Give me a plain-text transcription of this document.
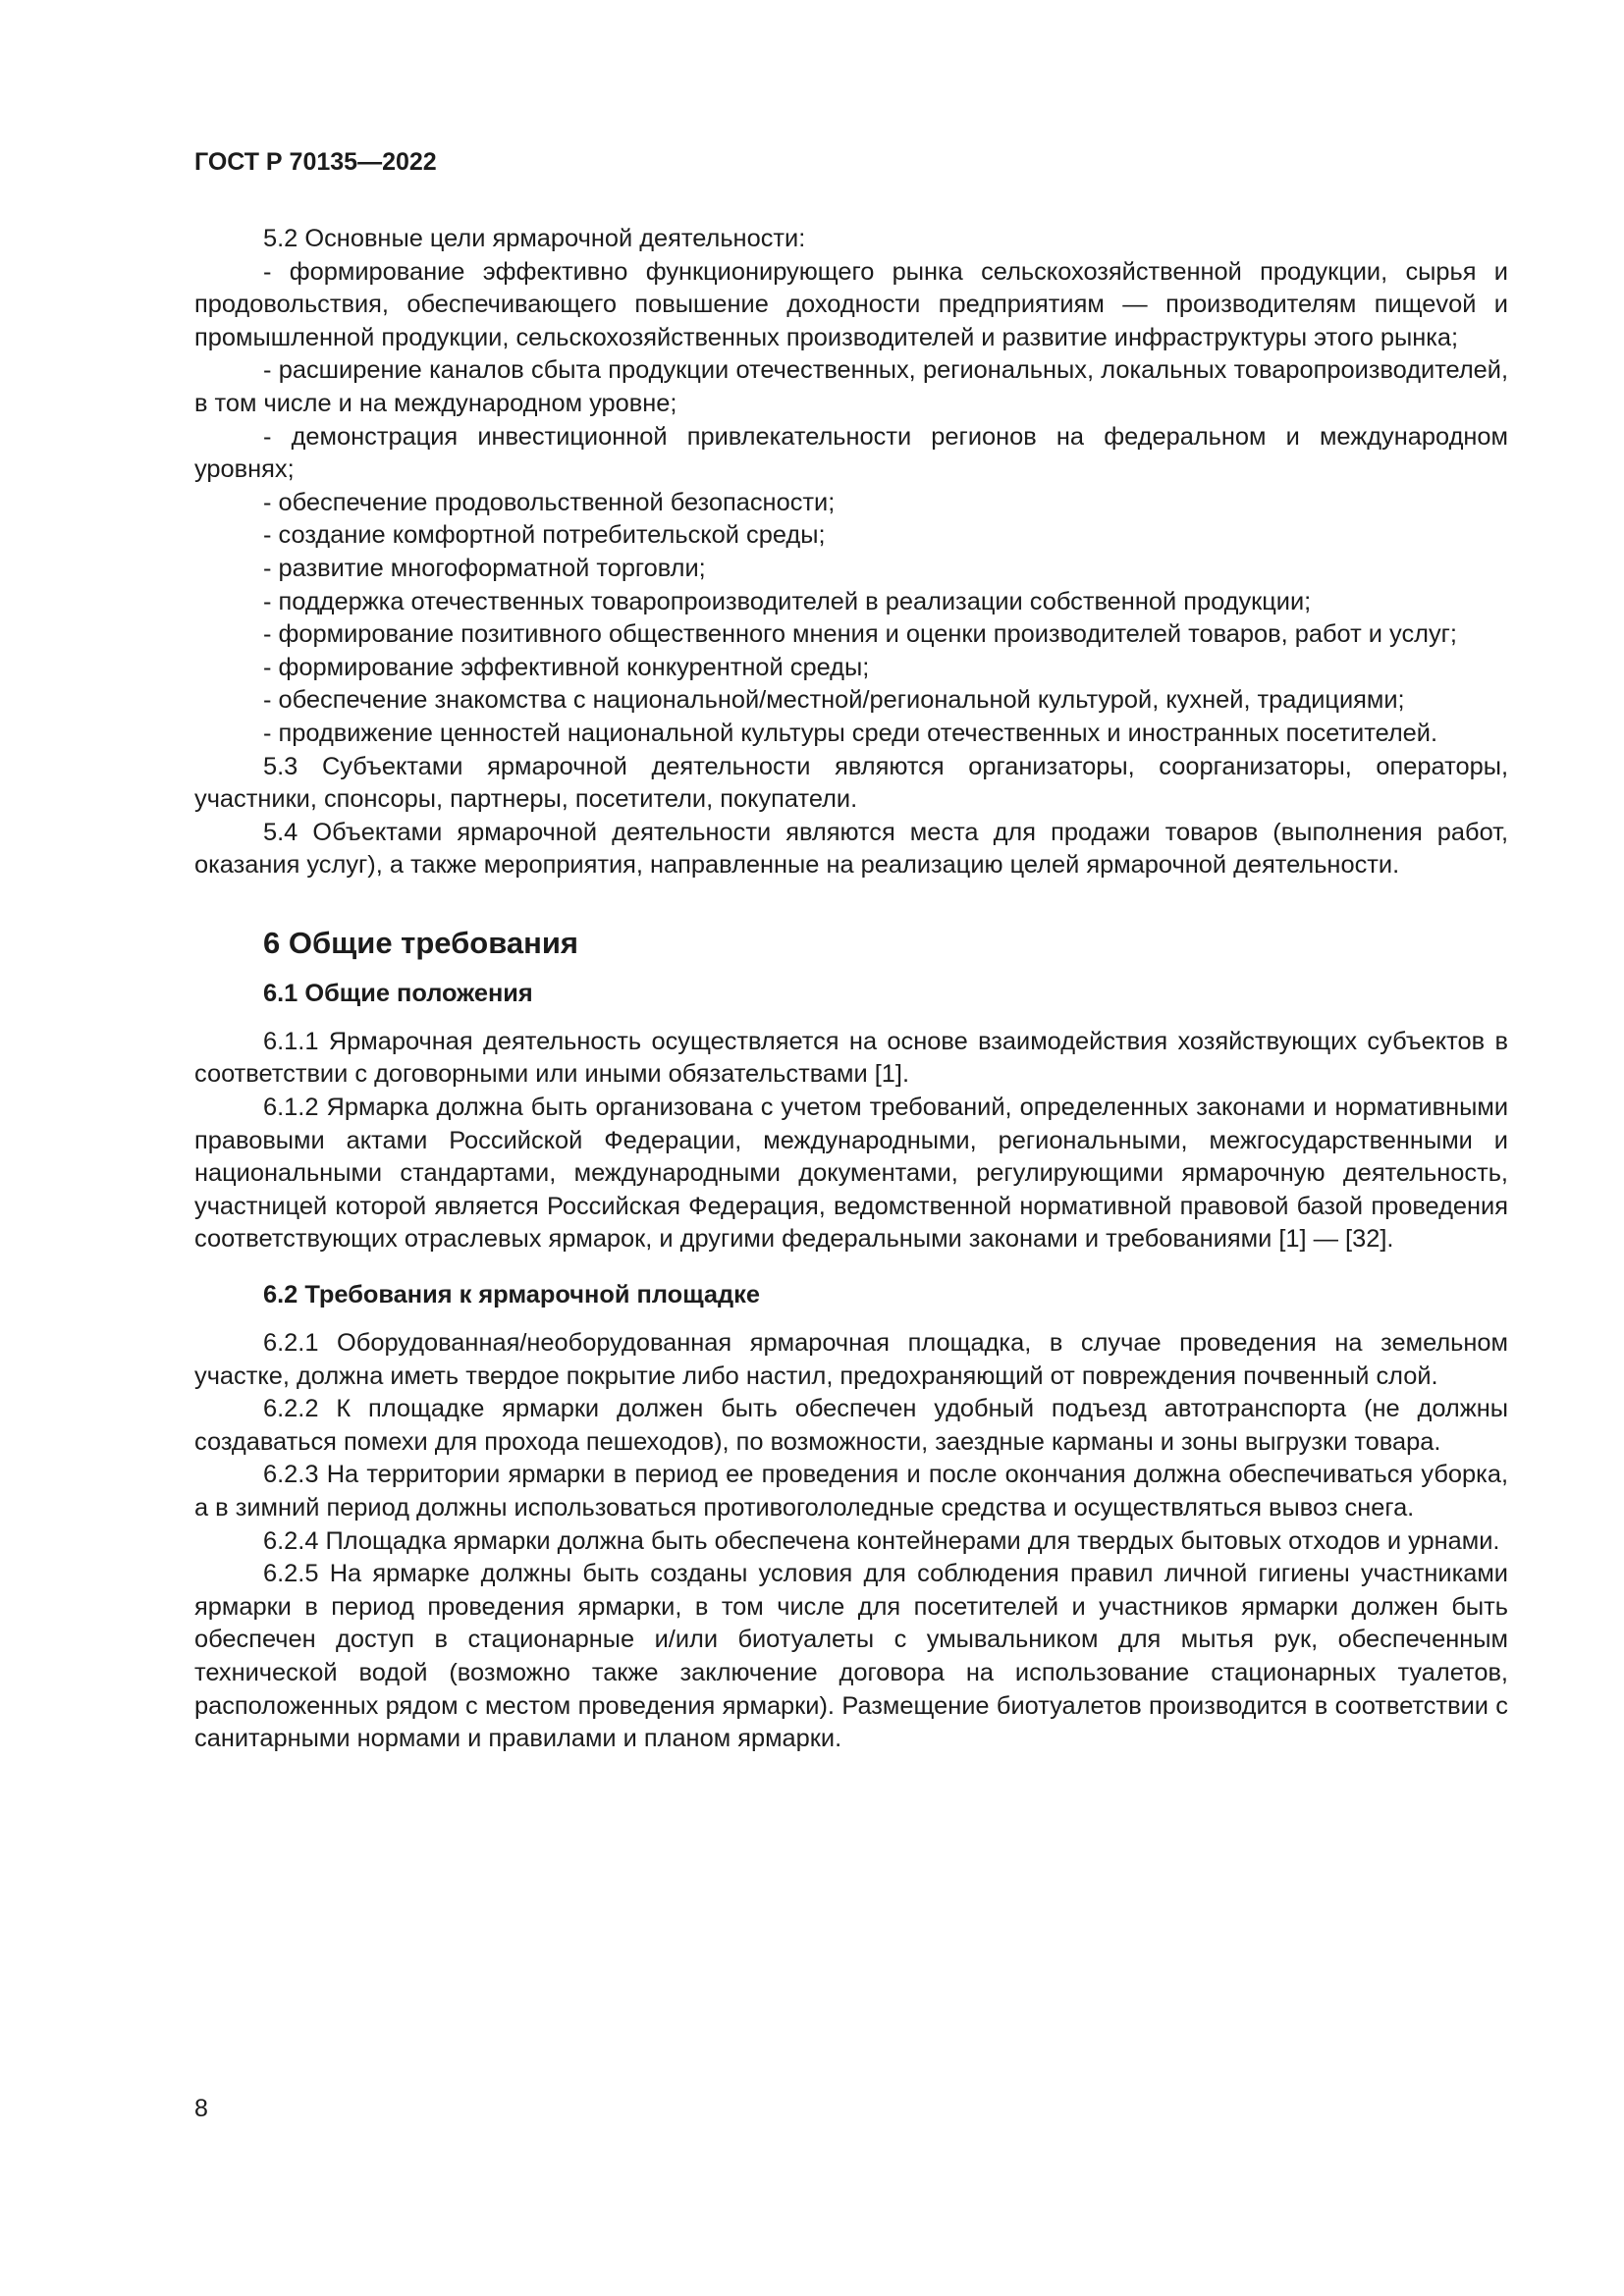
ГОСТ Р 70135—2022

5.2 Основные цели ярмарочной деятельности:

- формирование эффективно функционирующего рынка сельскохозяйственной продукции, сырья и продовольствия, обеспечивающего повышение доходности предприятиям — производителям пищеvой и промышленной продукции, сельскохозяйственных производителей и развитие инфраструктуры этого рынка;

- расширение каналов сбыта продукции отечественных, региональных, локальных товаропроизводителей, в том числе и на международном уровне;

- демонстрация инвестиционной привлекательности регионов на федеральном и международном уровнях;

- обеспечение продовольственной безопасности;

- создание комфортной потребительской среды;

- развитие многоформатной торговли;

- поддержка отечественных товаропроизводителей в реализации собственной продукции;

- формирование позитивного общественного мнения и оценки производителей товаров, работ и услуг;

- формирование эффективной конкурентной среды;

- обеспечение знакомства с национальной/местной/региональной культурой, кухней, традициями;

- продвижение ценностей национальной культуры среди отечественных и иностранных посетителей.

5.3 Субъектами ярмарочной деятельности являются организаторы, соорганизаторы, операторы, участники, спонсоры, партнеры, посетители, покупатели.

5.4 Объектами ярмарочной деятельности являются места для продажи товаров (выполнения работ, оказания услуг), а также мероприятия, направленные на реализацию целей ярмарочной деятельности.

6 Общие требования
6.1 Общие положения

6.1.1 Ярмарочная деятельность осуществляется на основе взаимодействия хозяйствующих субъектов в соответствии с договорными или иными обязательствами [1].

6.1.2 Ярмарка должна быть организована с учетом требований, определенных законами и нормативными правовыми актами Российской Федерации, международными, региональными, межгосударственными и национальными стандартами, международными документами, регулирующими ярмарочную деятельность, участницей которой является Российская Федерация, ведомственной нормативной правовой базой проведения соответствующих отраслевых ярмарок, и другими федеральными законами и требованиями [1] — [32].

6.2 Требования к ярмарочной площадке

6.2.1 Оборудованная/необорудованная ярмарочная площадка, в случае проведения на земельном участке, должна иметь твердое покрытие либо настил, предохраняющий от повреждения почвенный слой.

6.2.2 К площадке ярмарки должен быть обеспечен удобный подъезд автотранспорта (не должны создаваться помехи для прохода пешеходов), по возможности, заездные карманы и зоны выгрузки товара.

6.2.3 На территории ярмарки в период ее проведения и после окончания должна обеспечиваться уборка, а в зимний период должны использоваться противогололедные средства и осуществляться вывоз снега.

6.2.4 Площадка ярмарки должна быть обеспечена контейнерами для твердых бытовых отходов и урнами.

6.2.5 На ярмарке должны быть созданы условия для соблюдения правил личной гигиены участниками ярмарки в период проведения ярмарки, в том числе для посетителей и участников ярмарки должен быть обеспечен доступ в стационарные и/или биотуалеты с умывальником для мытья рук, обеспеченным технической водой (возможно также заключение договора на использование стационарных туалетов, расположенных рядом с местом проведения ярмарки). Размещение биотуалетов производится в соответствии с санитарными нормами и правилами и планом ярмарки.

8
